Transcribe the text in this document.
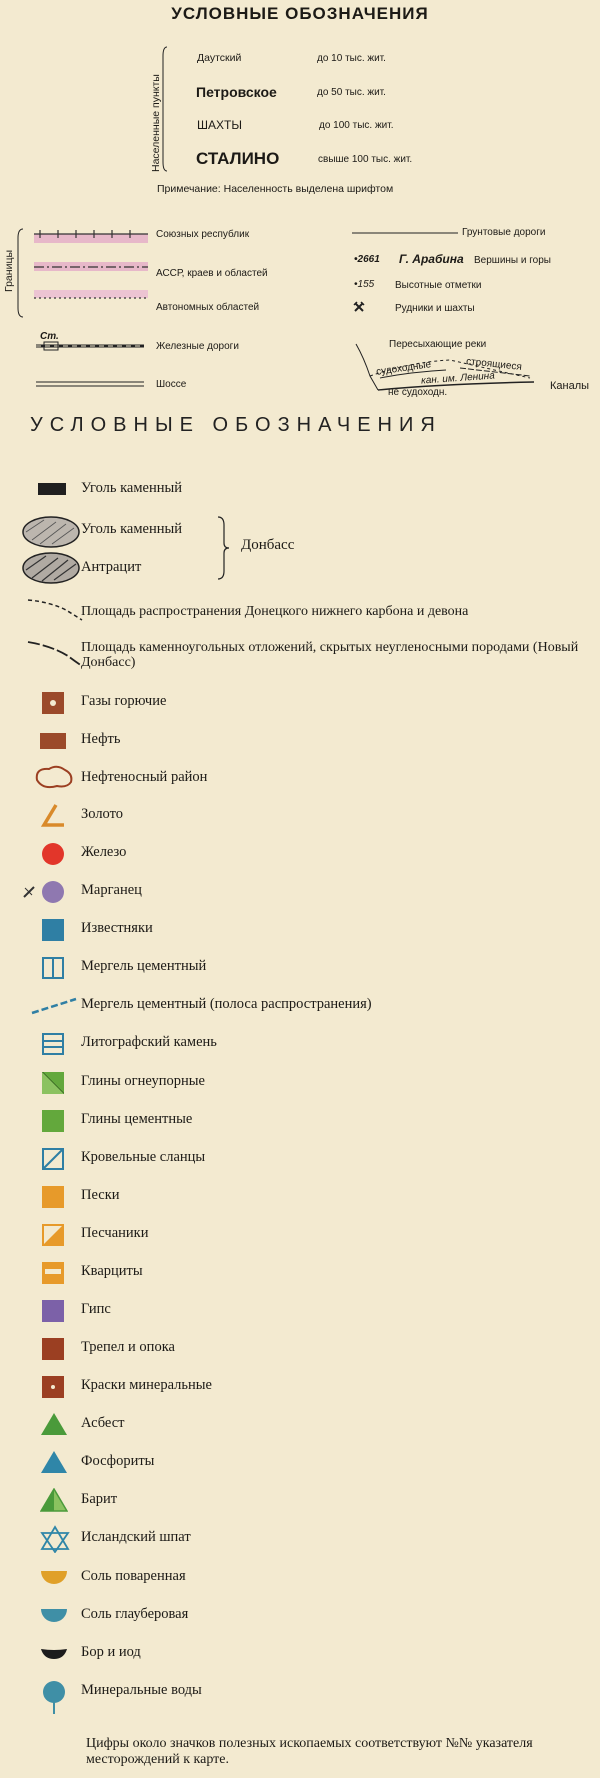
УСЛОВНЫЕ ОБОЗНАЧЕНИЯ
Населенные пункты
Даутский	до 10 тыс. жит.
Петровское	до 50 тыс. жит.
ШАХТЫ	до 100 тыс. жит.
СТАЛИНО	свыше 100 тыс. жит.
Примечание: Населенность выделена шрифтом
Границы
Союзных республик
АССР, краев и областей
Автономных областей
Ст.
Железные дороги
Шоссе
Грунтовые дороги
•2661 Г. Арабина Вершины и горы
•155 Высотные отметки
Рудники и шахты
Пересыхающие реки
судоходные	строящиеся
кан. им. Ленина
не судоходн.
Каналы
УСЛОВНЫЕ ОБОЗНАЧЕНИЯ
Уголь каменный
Уголь каменный
Антрацит
Донбасс
Площадь распространения Донецкого нижнего карбона и девона
Площадь каменноугольных отложений, скрытых неугленосными породами (Новый Донбасс)
Газы горючие
Нефть
Нефтеносный район
Золото
Железо
Марганец
Известняки
Мергель цементный
Мергель цементный (полоса распространения)
Литографский камень
Глины огнеупорные
Глины цементные
Кровельные сланцы
Пески
Песчаники
Кварциты
Гипс
Трепел и опока
Краски минеральные
Асбест
Фосфориты
Барит
Исландский шпат
Соль поваренная
Соль глауберовая
Бор и иод
Минеральные воды
Цифры около значков полезных ископаемых соответствуют №№ указателя месторождений к карте.
